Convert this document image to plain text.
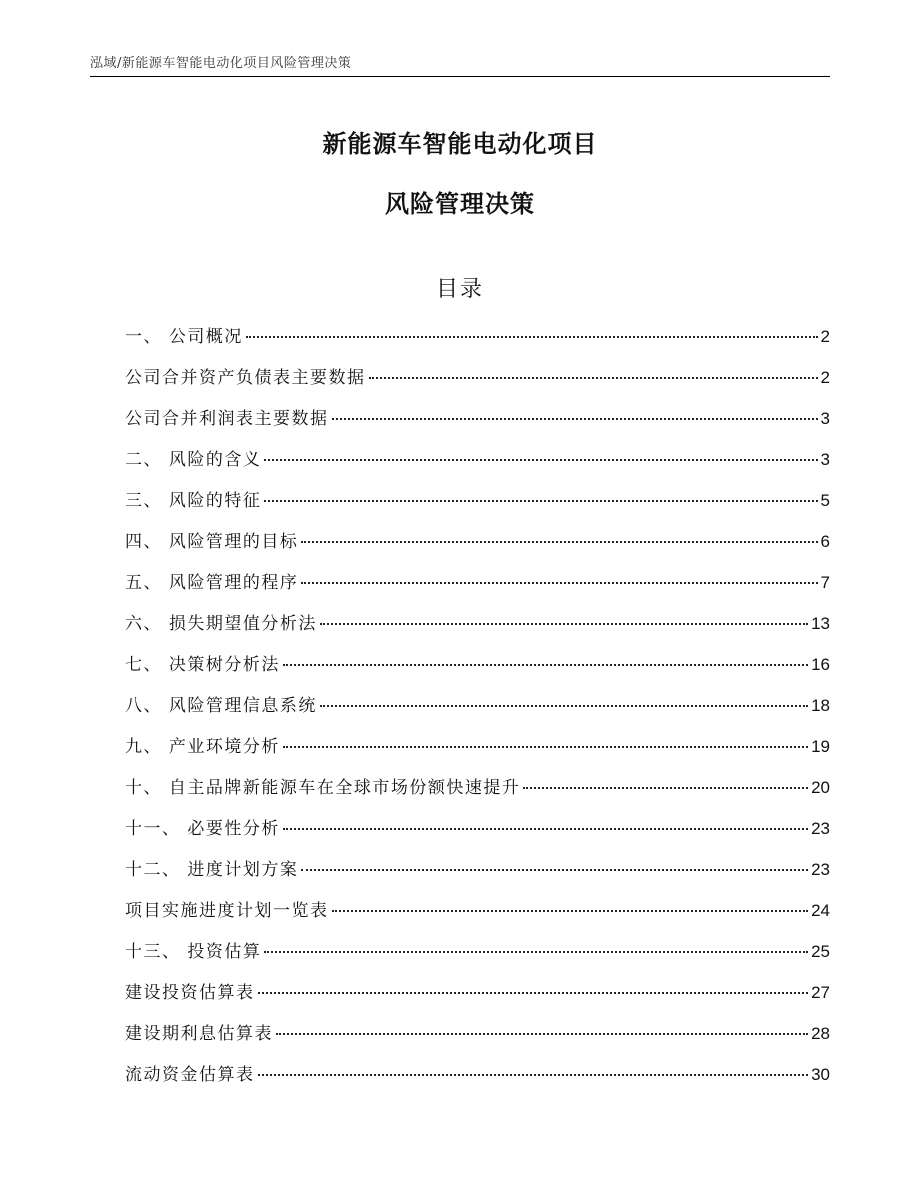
泓域/新能源车智能电动化项目风险管理决策
新能源车智能电动化项目
风险管理决策
目录
一、 公司概况	2
公司合并资产负债表主要数据	2
公司合并利润表主要数据	3
二、 风险的含义	3
三、 风险的特征	5
四、 风险管理的目标	6
五、 风险管理的程序	7
六、 损失期望值分析法	13
七、 决策树分析法	16
八、 风险管理信息系统	18
九、 产业环境分析	19
十、 自主品牌新能源车在全球市场份额快速提升	20
十一、 必要性分析	23
十二、 进度计划方案	23
项目实施进度计划一览表	24
十三、 投资估算	25
建设投资估算表	27
建设期利息估算表	28
流动资金估算表	30
